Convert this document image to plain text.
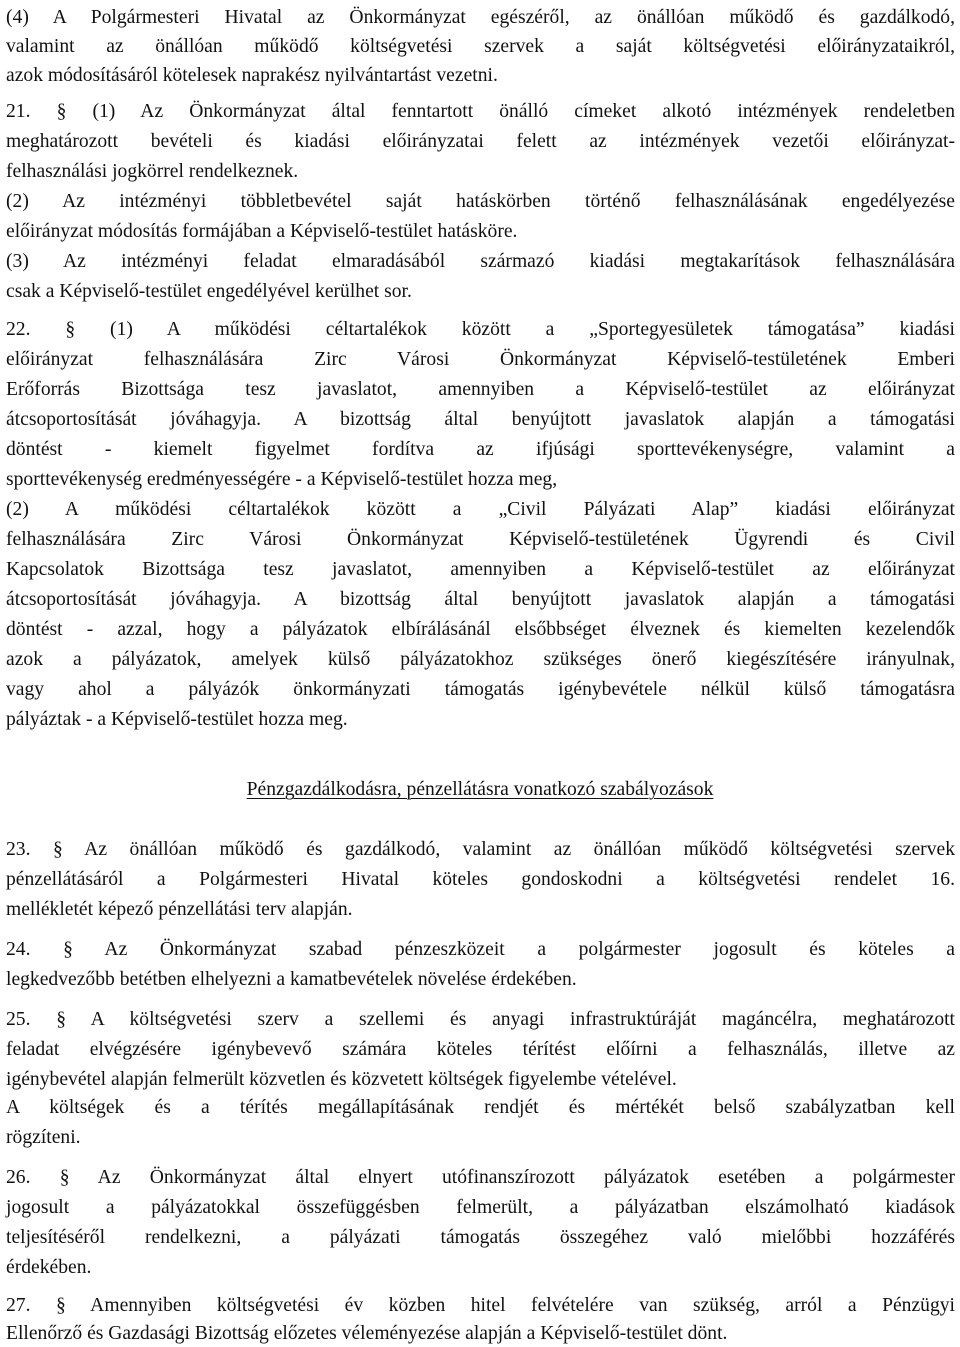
(4) A Polgármesteri Hivatal az Önkormányzat egészéről, az önállóan működő és gazdálkodó,

valamint az önállóan működő költségvetési szervek a saját költségvetési előirányzataikról,

azok módosításáról kötelesek naprakész nyilvántartást vezetni.

21. § (1) Az Önkormányzat által fenntartott önálló címeket alkotó intézmények rendeletben

meghatározott bevételi és kiadási előirányzatai felett az intézmények vezetői előirányzat-

felhasználási jogkörrel rendelkeznek.

(2) Az intézményi többletbevétel saját hatáskörben történő felhasználásának engedélyezése

előirányzat módosítás formájában a Képviselő-testület hatásköre.

(3) Az intézményi feladat elmaradásából származó kiadási megtakarítások felhasználására

csak a Képviselő-testület engedélyével kerülhet sor.

22. § (1) A működési céltartalékok között a „Sportegyesületek támogatása” kiadási

előirányzat felhasználására Zirc Városi Önkormányzat Képviselő-testületének Emberi

Erőforrás Bizottsága tesz javaslatot, amennyiben a Képviselő-testület az előirányzat

átcsoportosítását jóváhagyja. A bizottság által benyújtott javaslatok alapján a támogatási

döntést - kiemelt figyelmet fordítva az ifjúsági sporttevékenységre, valamint a

sporttevékenység eredményességére - a Képviselő-testület hozza meg,

(2) A működési céltartalékok között a „Civil Pályázati Alap” kiadási előirányzat

felhasználására Zirc Városi Önkormányzat Képviselő-testületének Ügyrendi és Civil

Kapcsolatok Bizottsága tesz javaslatot, amennyiben a Képviselő-testület az előirányzat

átcsoportosítását jóváhagyja. A bizottság által benyújtott javaslatok alapján a támogatási

döntést - azzal, hogy a pályázatok elbírálásánál elsőbbséget élveznek és kiemelten kezelendők

azok a pályázatok, amelyek külső pályázatokhoz szükséges önerő kiegészítésére irányulnak,

vagy ahol a pályázók önkormányzati támogatás igénybevétele nélkül külső támogatásra

pályáztak - a Képviselő-testület hozza meg.

Pénzgazdálkodásra, pénzellátásra vonatkozó szabályozások

23. § Az önállóan működő és gazdálkodó, valamint az önállóan működő költségvetési szervek

pénzellátásáról a Polgármesteri Hivatal köteles gondoskodni a költségvetési rendelet 16.

mellékletét képező pénzellátási terv alapján.

24. § Az Önkormányzat szabad pénzeszközeit a polgármester jogosult és köteles a

legkedvezőbb betétben elhelyezni a kamatbevételek növelése érdekében.

25. § A költségvetési szerv a szellemi és anyagi infrastruktúráját magáncélra, meghatározott

feladat elvégzésére igénybevevő számára köteles térítést előírni a felhasználás, illetve az

igénybevétel alapján felmerült közvetlen és közvetett költségek figyelembe vételével.

A költségek és a térítés megállapításának rendjét és mértékét belső szabályzatban kell

rögzíteni.

26. § Az Önkormányzat által elnyert utófinanszírozott pályázatok esetében a polgármester

jogosult a pályázatokkal összefüggésben felmerült, a pályázatban elszámolható kiadások

teljesítéséről rendelkezni, a pályázati támogatás összegéhez való mielőbbi hozzáférés

érdekében.

27. § Amennyiben költségvetési év közben hitel felvételére van szükség, arról a Pénzügyi

Ellenőrző és Gazdasági Bizottság előzetes véleményezése alapján a Képviselő-testület dönt.
